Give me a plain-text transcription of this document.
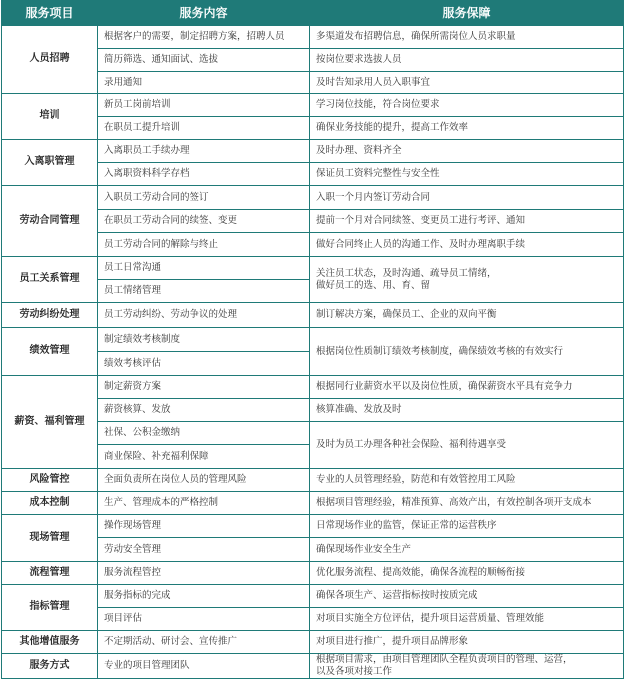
服务项目	服务内容	服务保障
人员招聘	根据客户的需要，制定招聘方案，招聘人员	多渠道发布招聘信息，确保所需岗位人员求职量
	简历筛选、通知面试、选拔	按岗位要求选拔人员
	录用通知	及时告知录用人员入职事宜
培训	新员工岗前培训	学习岗位技能，符合岗位要求
	在职员工提升培训	确保业务技能的提升，提高工作效率
入离职管理	入离职员工手续办理	及时办理、资料齐全
	入离职资料科学存档	保证员工资料完整性与安全性
劳动合同管理	入职员工劳动合同的签订	入职一个月内签订劳动合同
	在职员工劳动合同的续签、变更	提前一个月对合同续签、变更员工进行考评、通知
	员工劳动合同的解除与终止	做好合同终止人员的沟通工作、及时办理离职手续
员工关系管理	员工日常沟通	关注员工状态，及时沟通、疏导员工情绪，
做好员工的选、用、育、留
	员工情绪管理	
劳动纠纷处理	员工劳动纠纷、劳动争议的处理	制订解决方案，确保员工、企业的双向平衡
绩效管理	制定绩效考核制度	根据岗位性质制订绩效考核制度，确保绩效考核的有效实行
	绩效考核评估	
薪资、福利管理	制定薪资方案	根据同行业薪资水平以及岗位性质，确保薪资水平具有竞争力
	薪资核算、发放	核算准确、发放及时
	社保、公积金缴纳	及时为员工办理各种社会保险、福利待遇享受
	商业保险、补充福利保障	
风险管控	全面负责所在岗位人员的管理风险	专业的人员管理经验，防范和有效管控用工风险
成本控制	生产、管理成本的严格控制	根据项目管理经验，精准预算、高效产出，有效控制各项开支成本
现场管理	操作现场管理	日常现场作业的监管，保证正常的运营秩序
	劳动安全管理	确保现场作业安全生产
流程管理	服务流程管控	优化服务流程、提高效能，确保各流程的顺畅衔接
指标管理	服务指标的完成	确保各项生产、运营指标按时按质完成
	项目评估	对项目实施全方位评估，提升项目运营质量、管理效能
其他增值服务	不定期活动、研讨会、宣传推广	对项目进行推广，提升项目品牌形象
服务方式	专业的项目管理团队	根据项目需求，由项目管理团队全程负责项目的管理、运营，
以及各项对接工作
